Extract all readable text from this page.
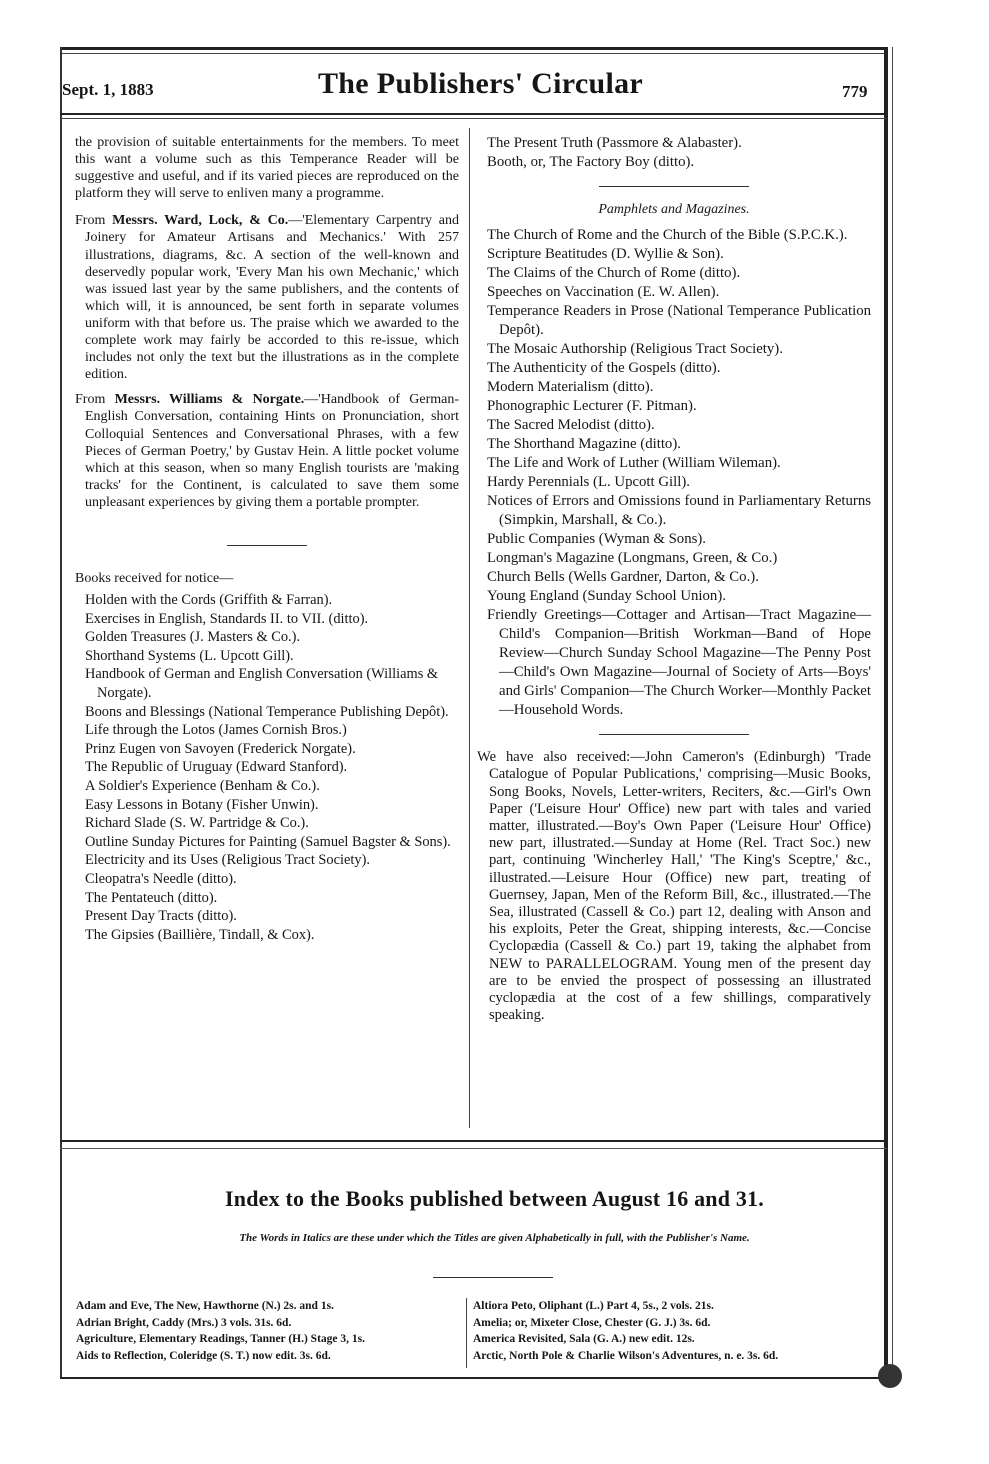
Sept. 1, 1883	The Publishers' Circular	779

the provision of suitable entertainments for the members. To meet this want a volume such as this Temperance Reader will be suggestive and useful, and if its varied pieces are reproduced on the platform they will serve to enliven many a programme.

From Messrs. Ward, Lock, & Co.—'Elementary Carpentry and Joinery for Amateur Artisans and Mechanics.' With 257 illustrations, diagrams, &c. A section of the well-known and deservedly popular work, 'Every Man his own Mechanic,' which was issued last year by the same publishers, and the contents of which will, it is announced, be sent forth in separate volumes uniform with that before us. The praise which we awarded to the complete work may fairly be accorded to this re-issue, which includes not only the text but the illustrations as in the complete edition.

From Messrs. Williams & Norgate.—'Handbook of German-English Conversation, containing Hints on Pronunciation, short Colloquial Sentences and Conversational Phrases, with a few Pieces of German Poetry,' by Gustav Hein. A little pocket volume which at this season, when so many English tourists are 'making tracks' for the Continent, is calculated to save them some unpleasant experiences by giving them a portable prompter.

Books received for notice—

Holden with the Cords (Griffith & Farran).

Exercises in English, Standards II. to VII. (ditto).

Golden Treasures (J. Masters & Co.).

Shorthand Systems (L. Upcott Gill).

Handbook of German and English Conversation (Williams & Norgate).

Boons and Blessings (National Temperance Publishing Depôt).

Life through the Lotos (James Cornish Bros.)

Prinz Eugen von Savoyen (Frederick Norgate).

The Republic of Uruguay (Edward Stanford).

A Soldier's Experience (Benham & Co.).

Easy Lessons in Botany (Fisher Unwin).

Richard Slade (S. W. Partridge & Co.).

Outline Sunday Pictures for Painting (Samuel Bagster & Sons).

Electricity and its Uses (Religious Tract Society).

Cleopatra's Needle (ditto).

The Pentateuch (ditto).

Present Day Tracts (ditto).

The Gipsies (Baillière, Tindall, & Cox).

The Present Truth (Passmore & Alabaster).

Booth, or, The Factory Boy (ditto).

Pamphlets and Magazines.

The Church of Rome and the Church of the Bible (S.P.C.K.).

Scripture Beatitudes (D. Wyllie & Son).

The Claims of the Church of Rome (ditto).

Speeches on Vaccination (E. W. Allen).

Temperance Readers in Prose (National Temperance Publication Depôt).

The Mosaic Authorship (Religious Tract Society).

The Authenticity of the Gospels (ditto).

Modern Materialism (ditto).

Phonographic Lecturer (F. Pitman).

The Sacred Melodist (ditto).

The Shorthand Magazine (ditto).

The Life and Work of Luther (William Wileman).

Hardy Perennials (L. Upcott Gill).

Notices of Errors and Omissions found in Parliamentary Returns (Simpkin, Marshall, & Co.).

Public Companies (Wyman & Sons).

Longman's Magazine (Longmans, Green, & Co.)

Church Bells (Wells Gardner, Darton, & Co.).

Young England (Sunday School Union).

Friendly Greetings—Cottager and Artisan—Tract Magazine—Child's Companion—British Workman—Band of Hope Review—Church Sunday School Magazine—The Penny Post—Child's Own Magazine—Journal of Society of Arts—Boys' and Girls' Companion—The Church Worker—Monthly Packet—Household Words.

We have also received:—John Cameron's (Edinburgh) 'Trade Catalogue of Popular Publications,' comprising—Music Books, Song Books, Novels, Letter-writers, Reciters, &c.—Girl's Own Paper ('Leisure Hour' Office) new part with tales and varied matter, illustrated.—Boy's Own Paper ('Leisure Hour' Office) new part, illustrated.—Sunday at Home (Rel. Tract Soc.) new part, continuing 'Wincherley Hall,' 'The King's Sceptre,' &c., illustrated.—Leisure Hour (Office) new part, treating of Guernsey, Japan, Men of the Reform Bill, &c., illustrated.—The Sea, illustrated (Cassell & Co.) part 12, dealing with Anson and his exploits, Peter the Great, shipping interests, &c.—Concise Cyclopædia (Cassell & Co.) part 19, taking the alphabet from NEW to PARALLELOGRAM. Young men of the present day are to be envied the prospect of possessing an illustrated cyclopædia at the cost of a few shillings, comparatively speaking.

Index to the Books published between August 16 and 31.
The Words in Italics are these under which the Titles are given Alphabetically in full, with the Publisher's Name.

Adam and Eve, The New, Hawthorne (N.) 2s. and 1s.

Adrian Bright, Caddy (Mrs.) 3 vols. 31s. 6d.

Agriculture, Elementary Readings, Tanner (H.) Stage 3, 1s.

Aids to Reflection, Coleridge (S. T.) now edit. 3s. 6d.

Altiora Peto, Oliphant (L.) Part 4, 5s., 2 vols. 21s.

Amelia; or, Mixeter Close, Chester (G. J.) 3s. 6d.

America Revisited, Sala (G. A.) new edit. 12s.

Arctic, North Pole & Charlie Wilson's Adventures, n. e. 3s. 6d.
